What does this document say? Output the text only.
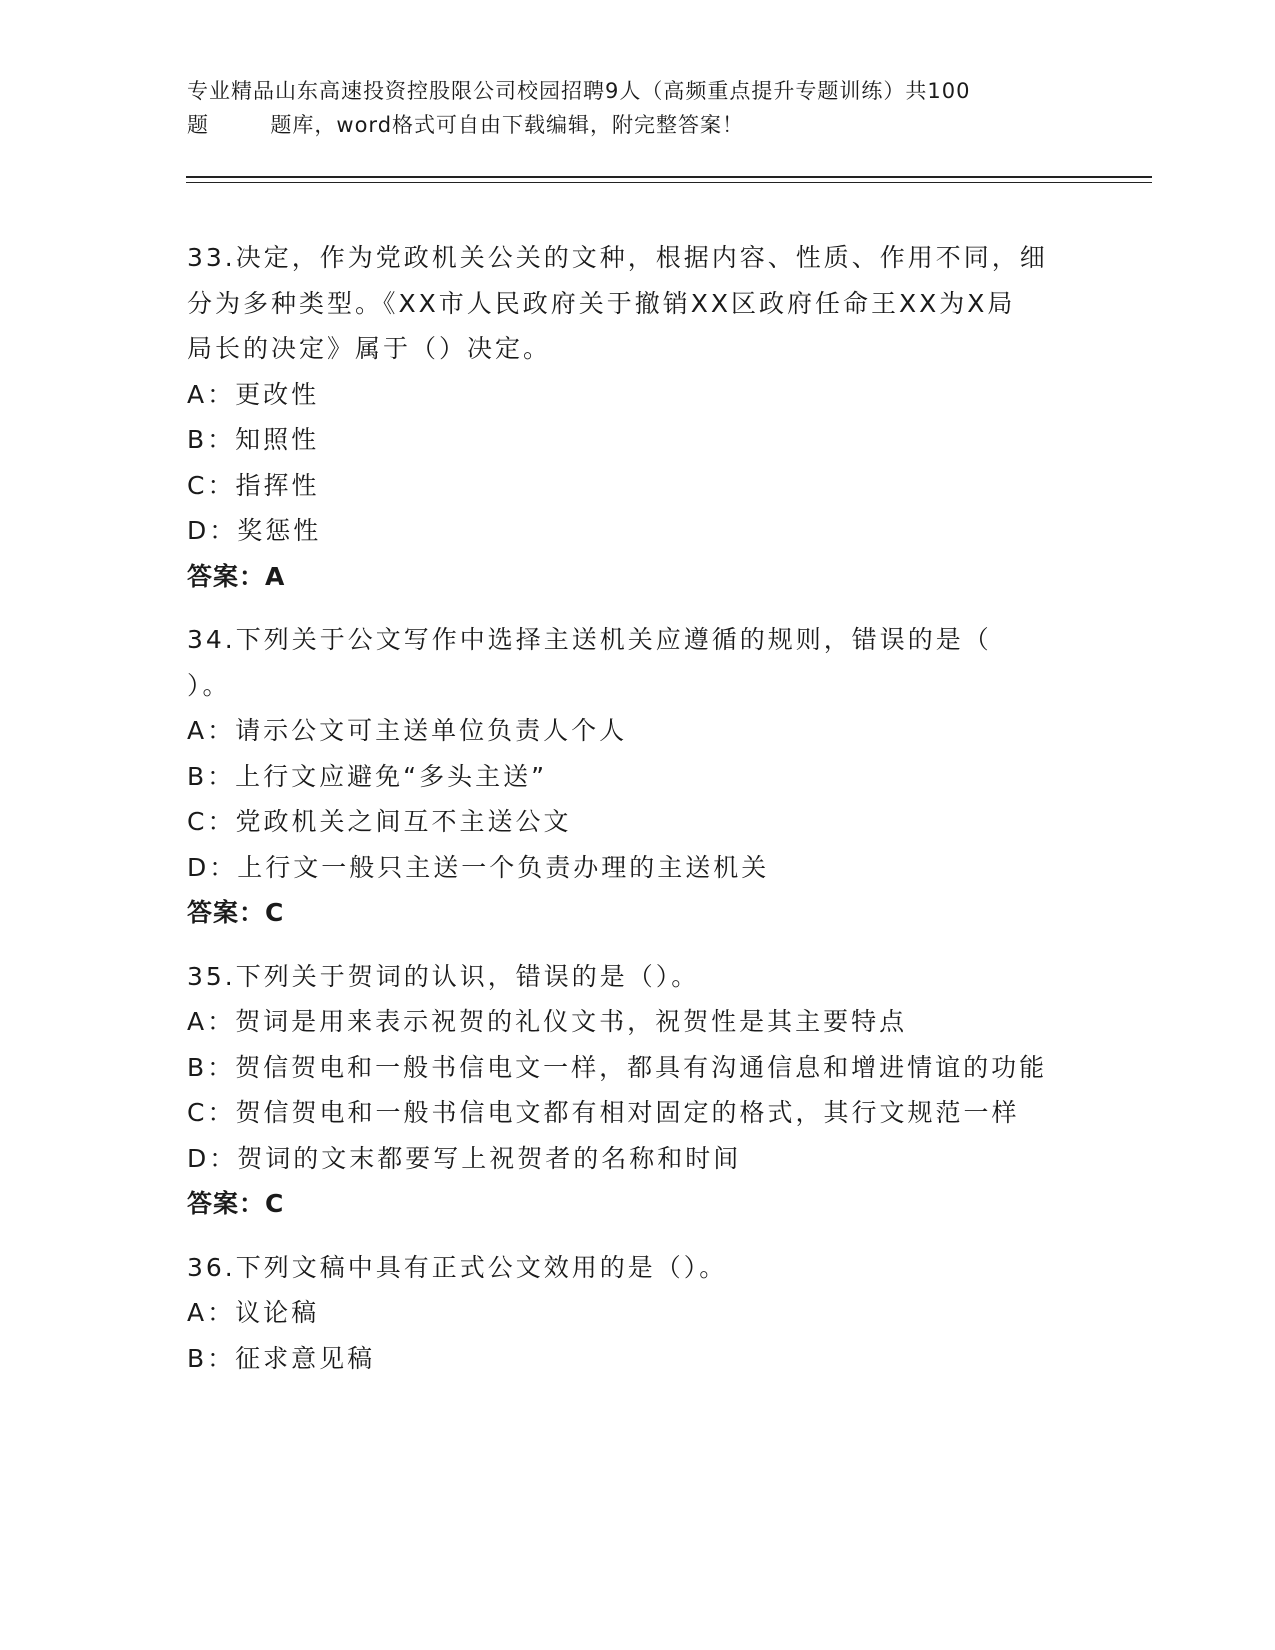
专业精品山东高速投资控股限公司校园招聘9人（高频重点提升专题训练）共100
题        题库，word格式可自由下载编辑，附完整答案！
33.决定，作为党政机关公关的文种，根据内容、性质、作用不同，细
分为多种类型。《XX市人民政府关于撤销XX区政府任命王XX为X局
局长的决定》属于（）决定。
A：更改性
B：知照性
C：指挥性
D：奖惩性
答案：A
34.下列关于公文写作中选择主送机关应遵循的规则，错误的是（
）。
A：请示公文可主送单位负责人个人
B：上行文应避免“多头主送”
C：党政机关之间互不主送公文
D：上行文一般只主送一个负责办理的主送机关
答案：C
35.下列关于贺词的认识，错误的是（）。
A：贺词是用来表示祝贺的礼仪文书，祝贺性是其主要特点
B：贺信贺电和一般书信电文一样，都具有沟通信息和增进情谊的功能
C：贺信贺电和一般书信电文都有相对固定的格式，其行文规范一样
D：贺词的文末都要写上祝贺者的名称和时间
答案：C
36.下列文稿中具有正式公文效用的是（）。
A：议论稿
B：征求意见稿
